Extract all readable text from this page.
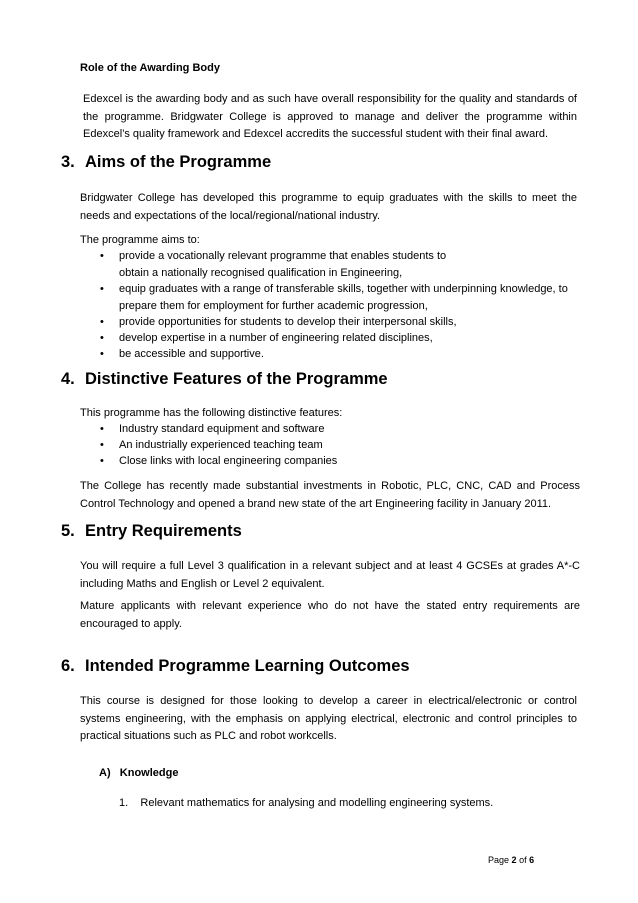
Role of the Awarding Body
Edexcel is the awarding body and as such have overall responsibility for the quality and standards of the programme. Bridgwater College is approved to manage and deliver the programme within Edexcel’s quality framework and Edexcel accredits the successful student with their final award.
3. Aims of the Programme
Bridgwater College has developed this programme to equip graduates with the skills to meet the needs and expectations of the local/regional/national industry.
The programme aims to:
• provide a vocationally relevant programme that enables students to obtain a nationally recognised qualification in Engineering,
• equip graduates with a range of transferable skills, together with underpinning knowledge, to prepare them for employment for further academic progression,
• provide opportunities for students to develop their interpersonal skills,
• develop expertise in a number of engineering related disciplines,
• be accessible and supportive.
4. Distinctive Features of the Programme
This programme has the following distinctive features:
• Industry standard equipment and software
• An industrially experienced teaching team
• Close links with local engineering companies
The College has recently made substantial investments in Robotic, PLC, CNC, CAD and Process Control Technology and opened a brand new state of the art Engineering facility in January 2011.
5. Entry Requirements
You will require a full Level 3 qualification in a relevant subject and at least 4 GCSEs at grades A*-C including Maths and English or Level 2 equivalent.
Mature applicants with relevant experience who do not have the stated entry requirements are encouraged to apply.
6. Intended Programme Learning Outcomes
This course is designed for those looking to develop a career in electrical/electronic or control systems engineering, with the emphasis on applying electrical, electronic and control principles to practical situations such as PLC and robot workcells.
A) Knowledge
1. Relevant mathematics for analysing and modelling engineering systems.
Page 2 of 6
